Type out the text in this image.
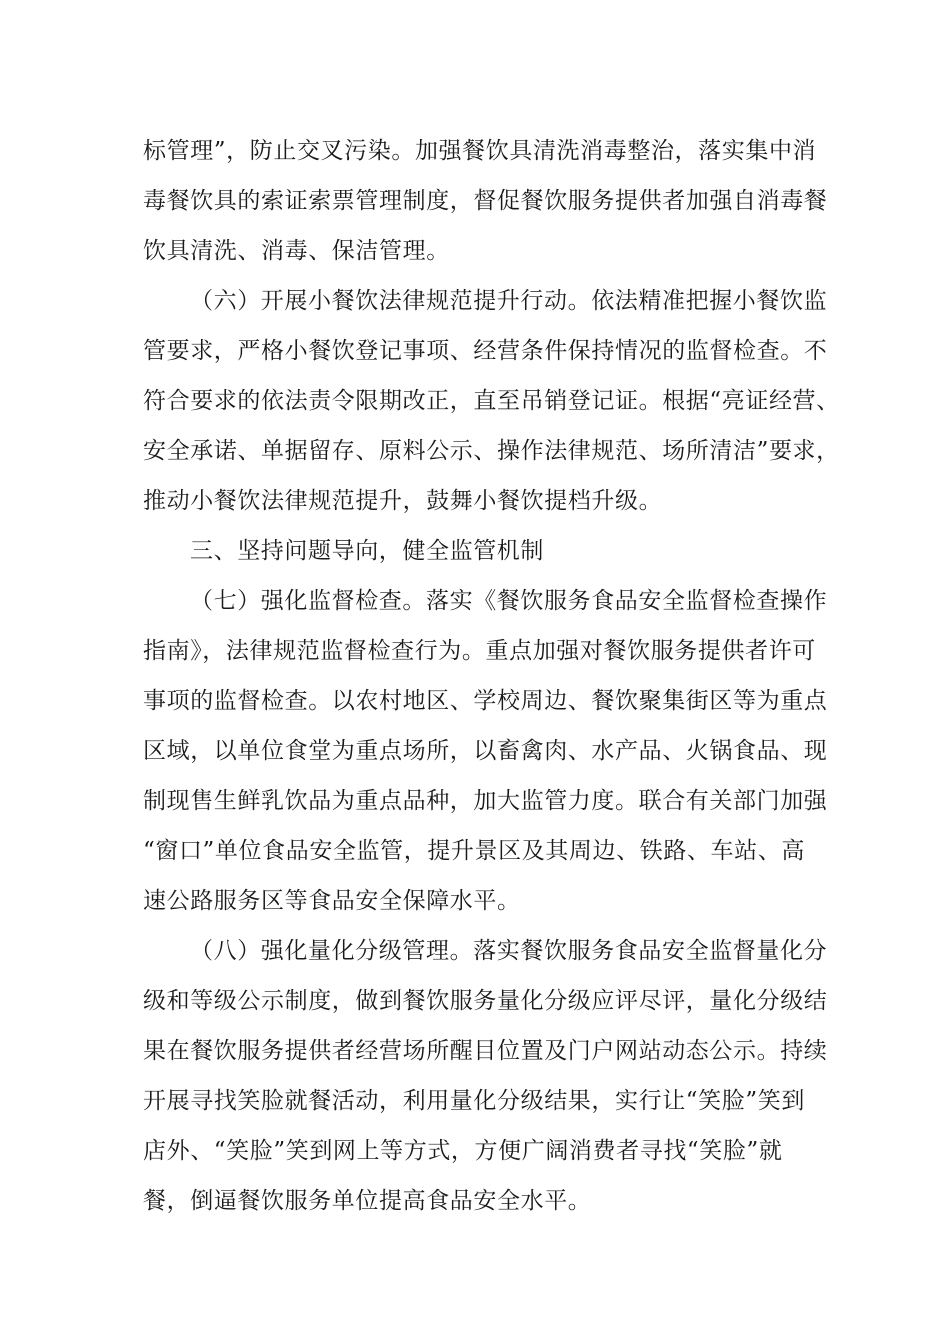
标管理”，防止交叉污染。加强餐饮具清洗消毒整治，落实集中消
毒餐饮具的索证索票管理制度，督促餐饮服务提供者加强自消毒餐
饮具清洗、消毒、保洁管理。
（六）开展小餐饮法律规范提升行动。依法精准把握小餐饮监
管要求，严格小餐饮登记事项、经营条件保持情况的监督检查。不
符合要求的依法责令限期改正，直至吊销登记证。根据“亮证经营、
安全承诺、单据留存、原料公示、操作法律规范、场所清洁”要求，
推动小餐饮法律规范提升，鼓舞小餐饮提档升级。
三、坚持问题导向，健全监管机制
（七）强化监督检查。落实《餐饮服务食品安全监督检查操作
指南》，法律规范监督检查行为。重点加强对餐饮服务提供者许可
事项的监督检查。以农村地区、学校周边、餐饮聚集街区等为重点
区域，以单位食堂为重点场所，以畜禽肉、水产品、火锅食品、现
制现售生鲜乳饮品为重点品种，加大监管力度。联合有关部门加强
“窗口”单位食品安全监管，提升景区及其周边、铁路、车站、高
速公路服务区等食品安全保障水平。
（八）强化量化分级管理。落实餐饮服务食品安全监督量化分
级和等级公示制度，做到餐饮服务量化分级应评尽评，量化分级结
果在餐饮服务提供者经营场所醒目位置及门户网站动态公示。持续
开展寻找笑脸就餐活动，利用量化分级结果，实行让“笑脸”笑到
店外、“笑脸”笑到网上等方式，方便广阔消费者寻找“笑脸”就
餐，倒逼餐饮服务单位提高食品安全水平。
